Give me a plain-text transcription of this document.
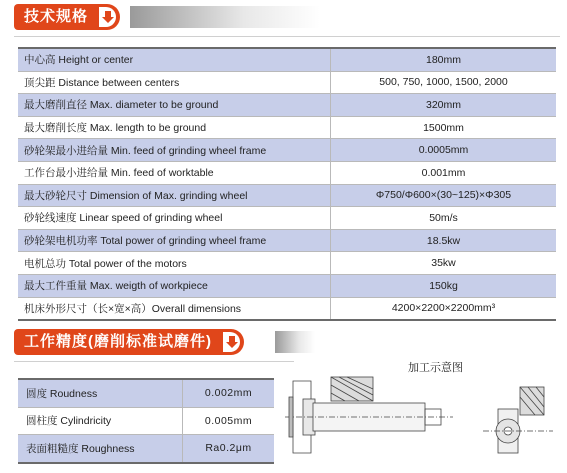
技术规格
中心高 Height or center	180mm
顶尖距 Distance between centers	500, 750, 1000, 1500, 2000
最大磨削直径 Max. diameter to be ground	320mm
最大磨削长度 Max. length to be ground	1500mm
砂轮架最小进给量 Min. feed of grinding wheel frame	0.0005mm
工作台最小进给量 Min. feed of worktable	0.001mm
最大砂轮尺寸 Dimension of Max. grinding wheel	Φ750/Φ600×(30~125)×Φ305
砂轮线速度 Linear speed of grinding wheel	50m/s
砂轮架电机功率 Total power of grinding wheel frame	18.5kw
电机总功 Total power of the motors	35kw
最大工件重量 Max. weigth of workpiece	150kg
机床外形尺寸（长×宽×高）Overall dimensions	4200×2200×2200mm³
工作精度(磨削标准试磨件)
圆度 Roudness	0.002mm
圆柱度 Cylindricity	0.005mm
表面粗糙度 Roughness	Ra0.2μm
加工示意图
